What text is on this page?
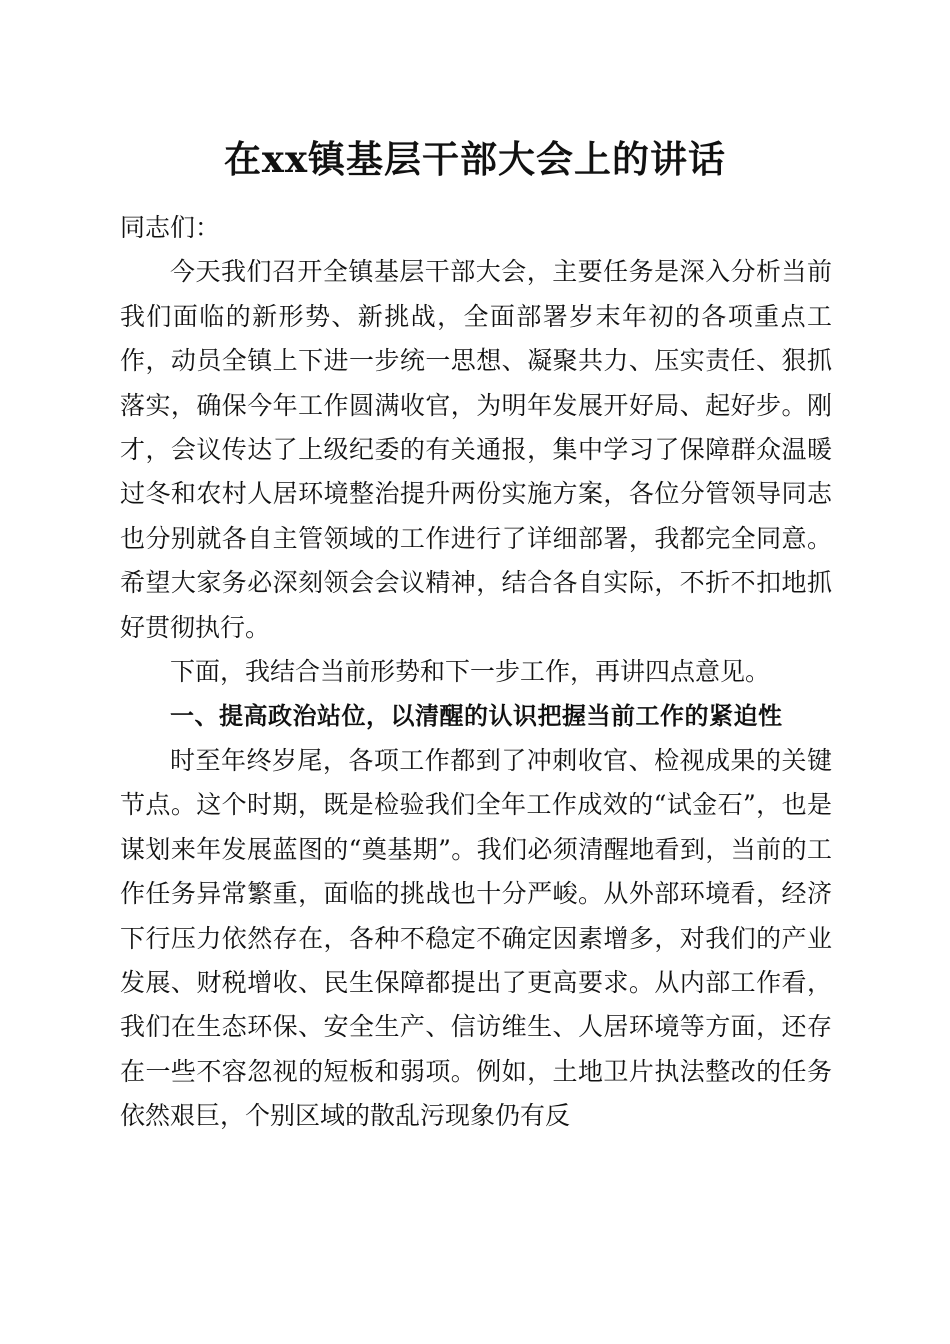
在xx镇基层干部大会上的讲话

同志们：

今天我们召开全镇基层干部大会，主要任务是深入分析当前我们面临的新形势、新挑战，全面部署岁末年初的各项重点工作，动员全镇上下进一步统一思想、凝聚共力、压实责任、狠抓落实，确保今年工作圆满收官，为明年发展开好局、起好步。刚才，会议传达了上级纪委的有关通报，集中学习了保障群众温暖过冬和农村人居环境整治提升两份实施方案，各位分管领导同志也分别就各自主管领域的工作进行了详细部署，我都完全同意。希望大家务必深刻领会会议精神，结合各自实际，不折不扣地抓好贯彻执行。

下面，我结合当前形势和下一步工作，再讲四点意见。

一、提高政治站位，以清醒的认识把握当前工作的紧迫性

时至年终岁尾，各项工作都到了冲刺收官、检视成果的关键节点。这个时期，既是检验我们全年工作成效的“试金石”，也是谋划来年发展蓝图的“奠基期”。我们必须清醒地看到，当前的工作任务异常繁重，面临的挑战也十分严峻。从外部环境看，经济下行压力依然存在，各种不稳定不确定因素增多，对我们的产业发展、财税增收、民生保障都提出了更高要求。从内部工作看，我们在生态环保、安全生产、信访维生、人居环境等方面，还存在一些不容忽视的短板和弱项。例如，土地卫片执法整改的任务依然艰巨，个别区域的散乱污现象仍有反
